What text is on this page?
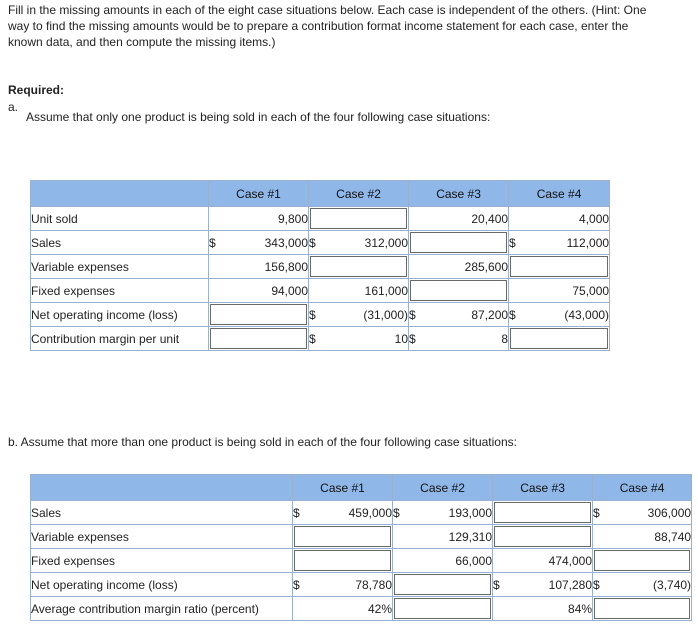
Fill in the missing amounts in each of the eight case situations below. Each case is independent of the others. (Hint: One way to find the missing amounts would be to prepare a contribution format income statement for each case, enter the known data, and then compute the missing items.)
Required:
a.
Assume that only one product is being sold in each of the four following case situations:
	Case #1		Case #2		Case #3		Case #4	
Unit sold		9,800				20,400		4,000
Sales	$	343,000	$	312,000			$	112,000
Variable expenses		156,800				285,600		

Fixed expenses		94,000		161,000				75,000
Net operating income (loss)			$	(31,000)	$	87,200	$	(43,000)
Contribution margin per unit			$	10	$	8		
b. Assume that more than one product is being sold in each of the four following case situations:
	Case #1		Case #2		Case #3		Case #4	
Sales	$	459,000	$	193,000			$	306,000
Variable expenses				129,310				88,740
Fixed expenses				66,000		474,000		

Net operating income (loss)	$	78,780			$	107,280	$	(3,740)
Average contribution margin ratio (percent)		42%				84%		
